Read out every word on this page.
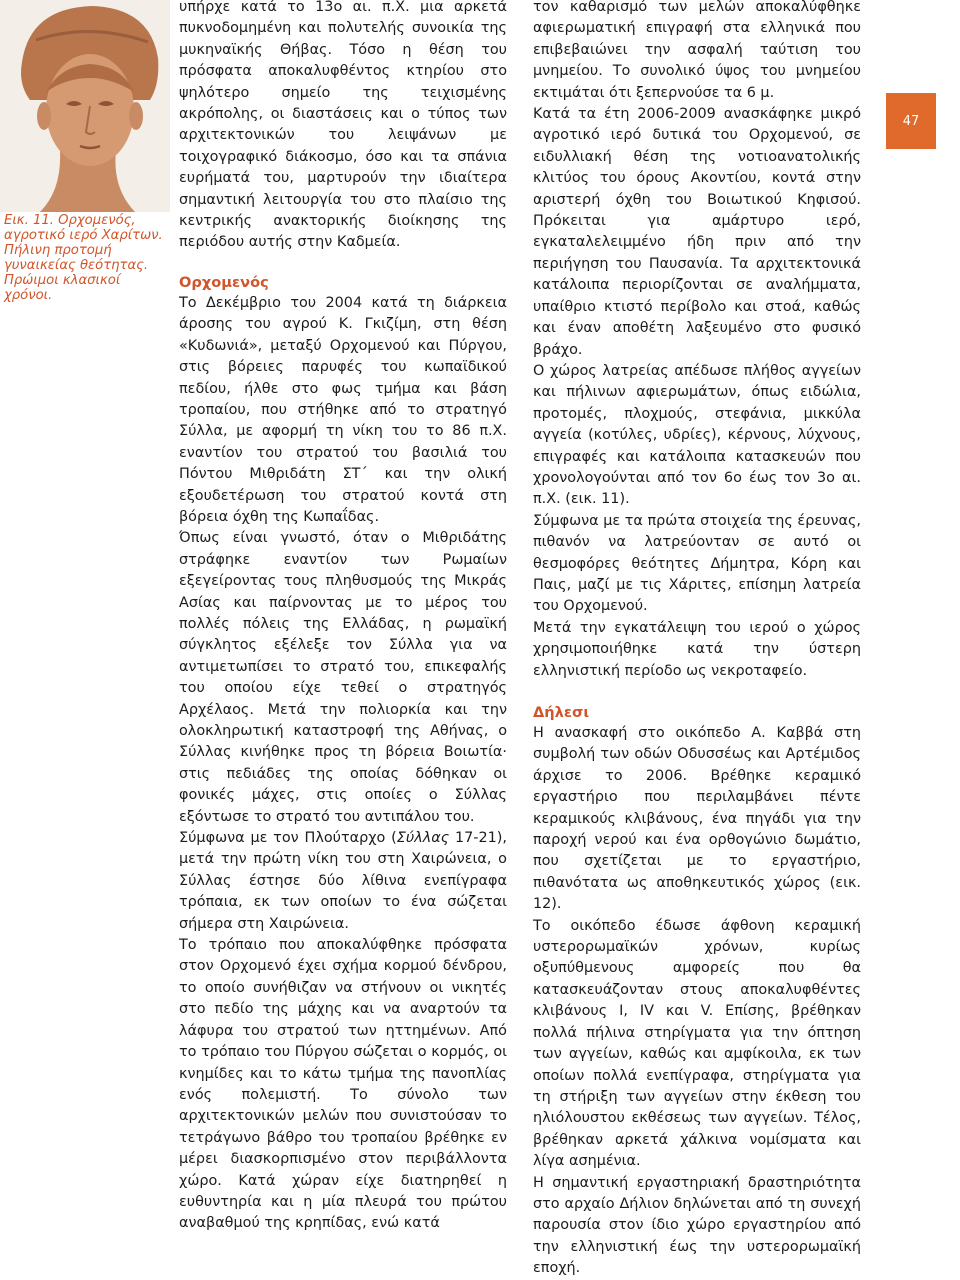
Εικ. 11. Ορχομενός, αγροτικό ιερό Χαρίτων. Πήλινη προτομή γυναικείας θεότητας. Πρώιμοι κλασικοί χρόνοι.

υπήρχε κατά το 13ο αι. π.Χ. μια αρκετά πυκνοδομημένη και πολυτελής συνοικία της μυκηναϊκής Θήβας. Τόσο η θέση του πρόσφατα αποκαλυφθέντος κτηρίου στο ψηλότερο σημείο της τειχισμένης ακρόπολης, οι διαστάσεις και ο τύπος των αρχιτεκτονικών του λειψάνων με τοιχογραφικό διάκοσμο, όσο και τα σπάνια ευρήματά του, μαρτυρούν την ιδιαίτερα σημαντική λειτουργία του στο πλαίσιο της κεντρικής ανακτορικής διοίκησης της περιόδου αυτής στην Καδμεία.

Ορχομενός

Το Δεκέμβριο του 2004 κατά τη διάρκεια άροσης του αγρού Κ. Γκιζίμη, στη θέση «Κυδωνιά», μεταξύ Ορχομενού και Πύργου, στις βόρειες παρυφές του κωπαϊδικού πεδίου, ήλθε στο φως τμήμα και βάση τροπαίου, που στήθηκε από το στρατηγό Σύλλα, με αφορμή τη νίκη του το 86 π.Χ. εναντίον του στρατού του βασιλιά του Πόντου Μιθριδάτη ΣΤ΄ και την ολική εξουδετέρωση του στρατού κοντά στη βόρεια όχθη της Κωπαΐδας.

Όπως είναι γνωστό, όταν ο Μιθριδάτης στράφηκε εναντίον των Ρωμαίων εξεγείροντας τους πληθυσμούς της Μικράς Ασίας και παίρνοντας με το μέρος του πολλές πόλεις της Ελλάδας, η ρωμαϊκή σύγκλητος εξέλεξε τον Σύλλα για να αντιμετωπίσει το στρατό του, επικεφαλής του οποίου είχε τεθεί ο στρατηγός Αρχέλαος. Μετά την πολιορκία και την ολοκληρωτική καταστροφή της Αθήνας, ο Σύλλας κινήθηκε προς τη βόρεια Βοιωτία· στις πεδιάδες της οποίας δόθηκαν οι φονικές μάχες, στις οποίες ο Σύλλας εξόντωσε το στρατό του αντιπάλου του.

Σύμφωνα με τον Πλούταρχο (Σύλλας 17-21), μετά την πρώτη νίκη του στη Χαιρώνεια, ο Σύλλας έστησε δύο λίθινα ενεπίγραφα τρόπαια, εκ των οποίων το ένα σώζεται σήμερα στη Χαιρώνεια.

Το τρόπαιο που αποκαλύφθηκε πρόσφατα στον Ορχομενό έχει σχήμα κορμού δένδρου, το οποίο συνήθιζαν να στήνουν οι νικητές στο πεδίο της μάχης και να αναρτούν τα λάφυρα του στρατού των ηττημένων. Από το τρόπαιο του Πύργου σώζεται ο κορμός, οι κνημίδες και το κάτω τμήμα της πανοπλίας ενός πολεμιστή. Το σύνολο των αρχιτεκτονικών μελών που συνιστούσαν το τετράγωνο βάθρο του τροπαίου βρέθηκε εν μέρει διασκορπισμένο στον περιβάλλοντα χώρο. Κατά χώραν είχε διατηρηθεί η ευθυντηρία και η μία πλευρά του πρώτου αναβαθμού της κρηπίδας, ενώ κατά

τον καθαρισμό των μελών αποκαλύφθηκε αφιερωματική επιγραφή στα ελληνικά που επιβεβαιώνει την ασφαλή ταύτιση του μνημείου. Το συνολικό ύψος του μνημείου εκτιμάται ότι ξεπερνούσε τα 6 μ.

Κατά τα έτη 2006-2009 ανασκάφηκε μικρό αγροτικό ιερό δυτικά του Ορχομενού, σε ειδυλλιακή θέση της νοτιοανατολικής κλιτύος του όρους Ακοντίου, κοντά στην αριστερή όχθη του Βοιωτικού Κηφισού. Πρόκειται για αμάρτυρο ιερό, εγκαταλελειμμένο ήδη πριν από την περιήγηση του Παυσανία. Τα αρχιτεκτονικά κατάλοιπα περιορίζονται σε αναλήμματα, υπαίθριο κτιστό περίβολο και στοά, καθώς και έναν αποθέτη λαξευμένο στο φυσικό βράχο.

Ο χώρος λατρείας απέδωσε πλήθος αγγείων και πήλινων αφιερωμάτων, όπως ειδώλια, προτομές, πλοχμούς, στεφάνια, μικκύλα αγγεία (κοτύλες, υδρίες), κέρνους, λύχνους, επιγραφές και κατάλοιπα κατασκευών που χρονολογούνται από τον 6ο έως τον 3ο αι. π.Χ. (εικ. 11).

Σύμφωνα με τα πρώτα στοιχεία της έρευνας, πιθανόν να λατρεύονταν σε αυτό οι θεσμοφόρες θεότητες Δήμητρα, Κόρη και Παις, μαζί με τις Χάριτες, επίσημη λατρεία του Ορχομενού.

Μετά την εγκατάλειψη του ιερού ο χώρος χρησιμοποιήθηκε κατά την ύστερη ελληνιστική περίοδο ως νεκροταφείο.

Δήλεσι

Η ανασκαφή στο οικόπεδο Α. Καββά στη συμβολή των οδών Οδυσσέως και Αρτέμιδος άρχισε το 2006. Βρέθηκε κεραμικό εργαστήριο που περιλαμβάνει πέντε κεραμικούς κλιβάνους, ένα πηγάδι για την παροχή νερού και ένα ορθογώνιο δωμάτιο, που σχετίζεται με το εργαστήριο, πιθανότατα ως αποθηκευτικός χώρος (εικ. 12).

Το οικόπεδο έδωσε άφθονη κεραμική υστερορωμαϊκών χρόνων, κυρίως οξυπύθμενους αμφορείς που θα κατασκευάζονταν στους αποκαλυφθέντες κλιβάνους Ι, IV και V. Επίσης, βρέθηκαν πολλά πήλινα στηρίγματα για την όπτηση των αγγείων, καθώς και αμφίκοιλα, εκ των οποίων πολλά ενεπίγραφα, στηρίγματα για τη στήριξη των αγγείων στην έκθεση του ηλιόλουστου εκθέσεως των αγγείων. Τέλος, βρέθηκαν αρκετά χάλκινα νομίσματα και λίγα ασημένια.

Η σημαντική εργαστηριακή δραστηριότητα στο αρχαίο Δήλιον δηλώνεται από τη συνεχή παρουσία στον ίδιο χώρο εργαστηρίου από την ελληνιστική έως την υστερορωμαϊκή εποχή.

47
